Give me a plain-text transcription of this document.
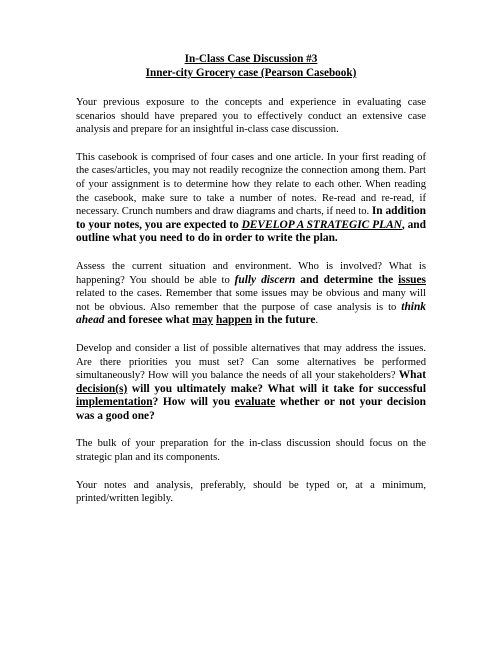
In-Class Case Discussion #3
Inner-city Grocery case (Pearson Casebook)

Your previous exposure to the concepts and experience in evaluating case scenarios should have prepared you to effectively conduct an extensive case analysis and prepare for an insightful in-class case discussion.

This casebook is comprised of four cases and one article. In your first reading of the cases/articles, you may not readily recognize the connection among them. Part of your assignment is to determine how they relate to each other. When reading the casebook, make sure to take a number of notes. Re-read and re-read, if necessary. Crunch numbers and draw diagrams and charts, if need to. In addition to your notes, you are expected to DEVELOP A STRATEGIC PLAN, and outline what you need to do in order to write the plan.

Assess the current situation and environment. Who is involved? What is happening? You should be able to fully discern and determine the issues related to the cases. Remember that some issues may be obvious and many will not be obvious. Also remember that the purpose of case analysis is to think ahead and foresee what may happen in the future.

Develop and consider a list of possible alternatives that may address the issues. Are there priorities you must set? Can some alternatives be performed simultaneously? How will you balance the needs of all your stakeholders? What decision(s) will you ultimately make? What will it take for successful implementation? How will you evaluate whether or not your decision was a good one?

The bulk of your preparation for the in-class discussion should focus on the strategic plan and its components.

Your notes and analysis, preferably, should be typed or, at a minimum, printed/written legibly.
